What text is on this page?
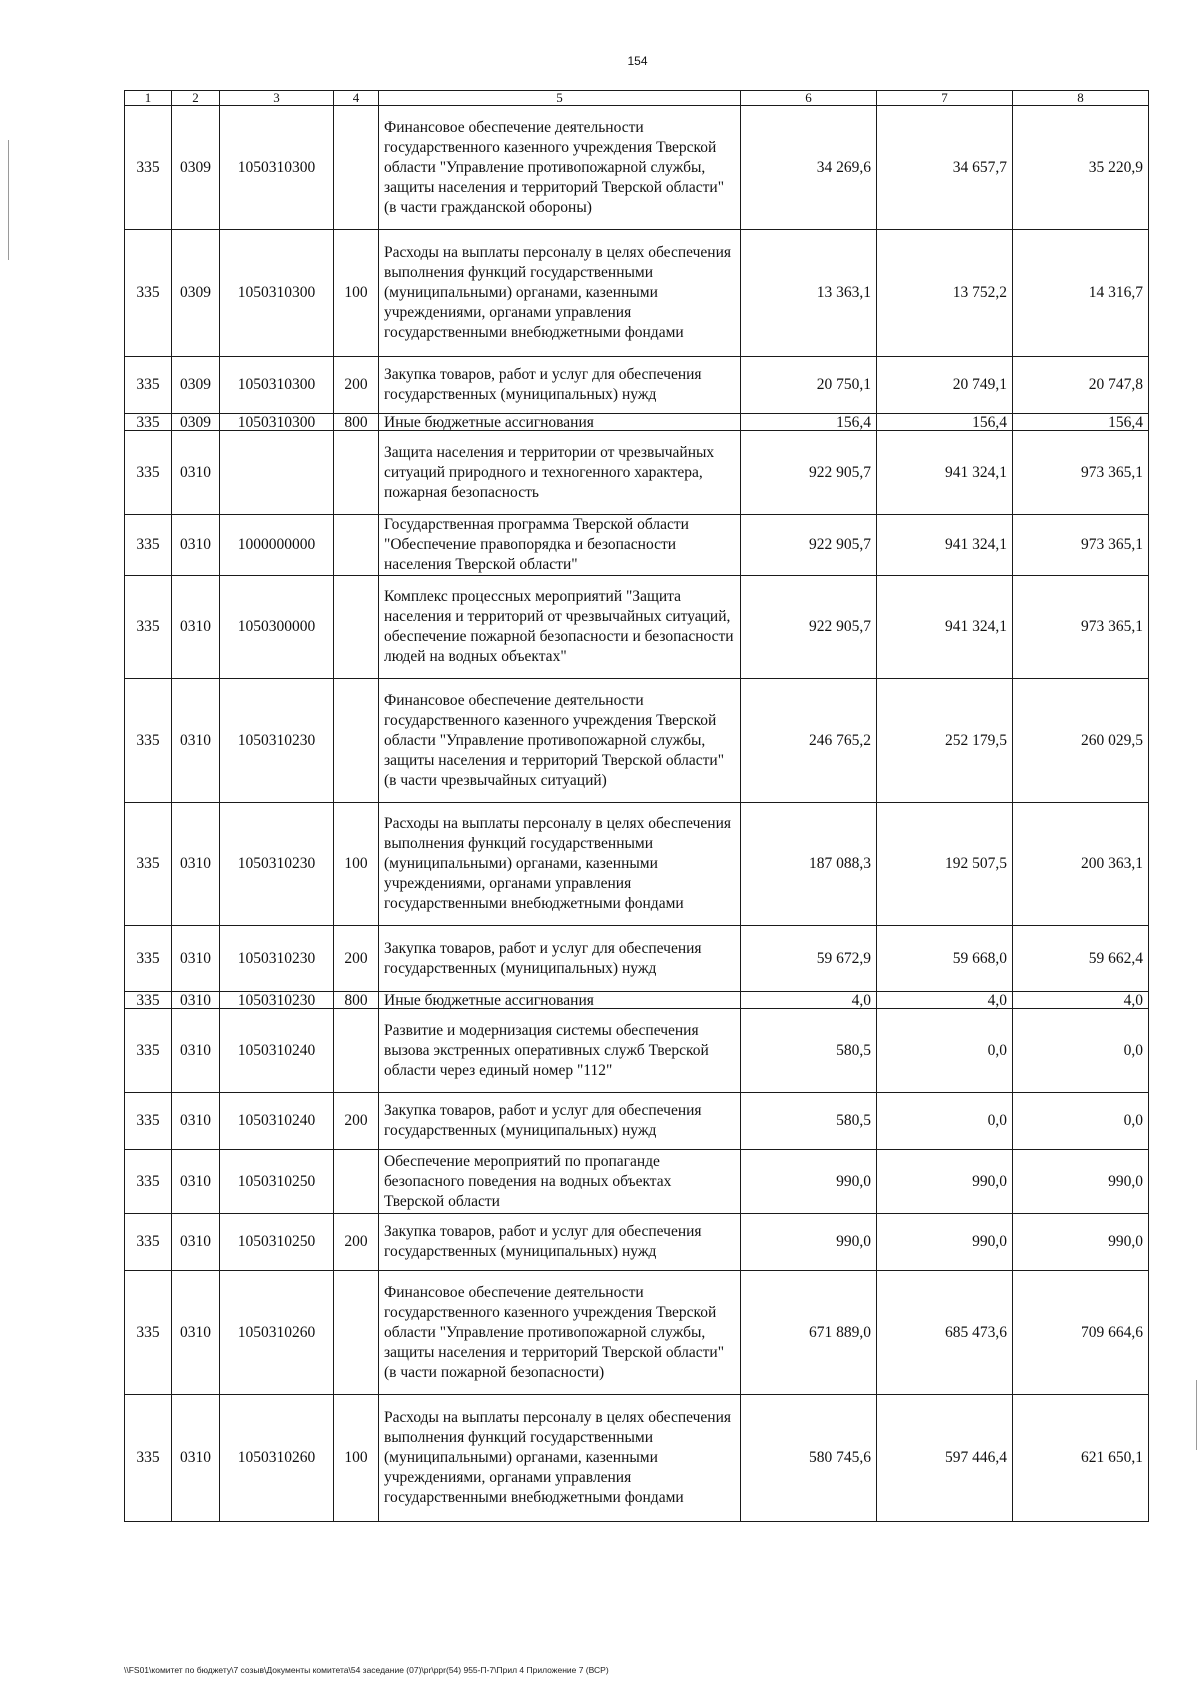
154
1	2	3	4	5	6	7	8
335	0309	1050310300		Финансовое обеспечение деятельности государственного казенного учреждения Тверской области "Управление противопожарной службы, защиты населения и территорий Тверской области" (в части гражданской обороны)	34 269,6	34 657,7	35 220,9
335	0309	1050310300	100	Расходы на выплаты персоналу в целях обеспечения выполнения функций государственными (муниципальными) органами, казенными учреждениями, органами управления государственными внебюджетными фондами	13 363,1	13 752,2	14 316,7
335	0309	1050310300	200	Закупка товаров, работ и услуг для обеспечения государственных (муниципальных) нужд	20 750,1	20 749,1	20 747,8
335	0309	1050310300	800	Иные бюджетные ассигнования	156,4	156,4	156,4
335	0310			Защита населения и территории от чрезвычайных ситуаций природного и техногенного характера, пожарная безопасность	922 905,7	941 324,1	973 365,1
335	0310	1000000000		Государственная программа Тверской области "Обеспечение правопорядка и безопасности населения Тверской области"	922 905,7	941 324,1	973 365,1
335	0310	1050300000		Комплекс процессных мероприятий "Защита населения и территорий от чрезвычайных ситуаций, обеспечение пожарной безопасности и безопасности людей на водных объектах"	922 905,7	941 324,1	973 365,1
335	0310	1050310230		Финансовое обеспечение деятельности государственного казенного учреждения Тверской области "Управление противопожарной службы, защиты населения и территорий Тверской области" (в части чрезвычайных ситуаций)	246 765,2	252 179,5	260 029,5
335	0310	1050310230	100	Расходы на выплаты персоналу в целях обеспечения выполнения функций государственными (муниципальными) органами, казенными учреждениями, органами управления государственными внебюджетными фондами	187 088,3	192 507,5	200 363,1
335	0310	1050310230	200	Закупка товаров, работ и услуг для обеспечения государственных (муниципальных) нужд	59 672,9	59 668,0	59 662,4
335	0310	1050310230	800	Иные бюджетные ассигнования	4,0	4,0	4,0
335	0310	1050310240		Развитие и модернизация системы обеспечения вызова экстренных оперативных служб Тверской области через единый номер "112"	580,5	0,0	0,0
335	0310	1050310240	200	Закупка товаров, работ и услуг для обеспечения государственных (муниципальных) нужд	580,5	0,0	0,0
335	0310	1050310250		Обеспечение мероприятий по пропаганде безопасного поведения на водных объектах Тверской области	990,0	990,0	990,0
335	0310	1050310250	200	Закупка товаров, работ и услуг для обеспечения государственных (муниципальных) нужд	990,0	990,0	990,0
335	0310	1050310260		Финансовое обеспечение деятельности государственного казенного учреждения Тверской области "Управление противопожарной службы, защиты населения и территорий Тверской области" (в части пожарной безопасности)	671 889,0	685 473,6	709 664,6
335	0310	1050310260	100	Расходы на выплаты персоналу в целях обеспечения выполнения функций государственными (муниципальными) органами, казенными учреждениями, органами управления государственными внебюджетными фондами	580 745,6	597 446,4	621 650,1
\\FS01\комитет по бюджету\7 созыв\Документы комитета\54 заседание (07)\pr\ppr(54) 955-П-7\Прил 4 Приложение 7 (ВСР)
